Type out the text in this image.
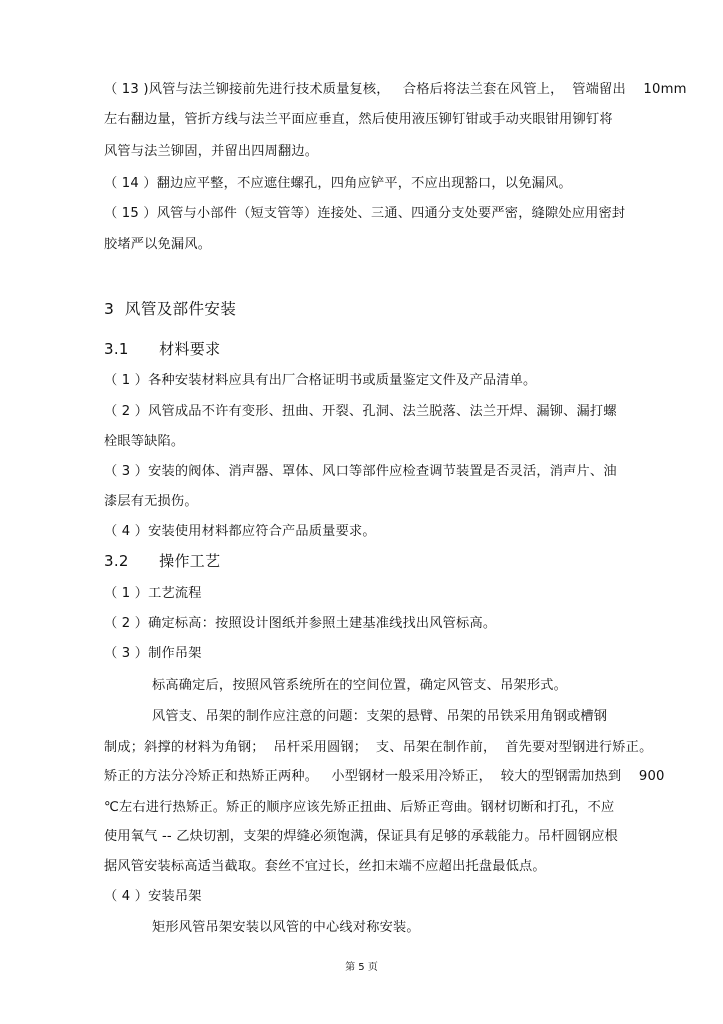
（ 13 )风管与法兰铆接前先进行技术质量复核，   合格后将法兰套在风管上，  管端留出    10mm
左右翻边量，管折方线与法兰平面应垂直，然后使用液压铆钉钳或手动夹眼钳用铆钉将
风管与法兰铆固，并留出四周翻边。
（ 14 ）翻边应平整，不应遮住螺孔，四角应铲平，不应出现豁口，以免漏风。
（ 15 ）风管与小部件（短支管等）连接处、三通、四通分支处要严密，缝隙处应用密封
胶堵严以免漏风。
3  风管及部件安装
3.1      材料要求
（ 1 ）各种安装材料应具有出厂合格证明书或质量鉴定文件及产品清单。
（ 2 ）风管成品不许有变形、扭曲、开裂、孔洞、法兰脱落、法兰开焊、漏铆、漏打螺
栓眼等缺陷。
（ 3 ）安装的阀体、消声器、罩体、风口等部件应检查调节装置是否灵活，消声片、油
漆层有无损伤。
（ 4 ）安装使用材料都应符合产品质量要求。
3.2      操作工艺
（ 1 ）工艺流程
（ 2 ）确定标高：按照设计图纸并参照土建基准线找出风管标高。
（ 3 ）制作吊架
标高确定后，按照风管系统所在的空间位置，确定风管支、吊架形式。
风管支、吊架的制作应注意的问题：支架的悬臂、吊架的吊铁采用角钢或槽钢
制成；斜撑的材料为角钢；  吊杆采用圆钢；  支、吊架在制作前，  首先要对型钢进行矫正。
矫正的方法分冷矫正和热矫正两种。   小型钢材一般采用冷矫正，  较大的型钢需加热到    900
℃左右进行热矫正。矫正的顺序应该先矫正扭曲、后矫正弯曲。钢材切断和打孔，不应
使用氧气 -- 乙炔切割，支架的焊缝必须饱满，保证具有足够的承载能力。吊杆圆钢应根
据风管安装标高适当截取。套丝不宜过长，丝扣末端不应超出托盘最低点。
（ 4 ）安装吊架
矩形风管吊架安装以风管的中心线对称安装。
第 5 页
